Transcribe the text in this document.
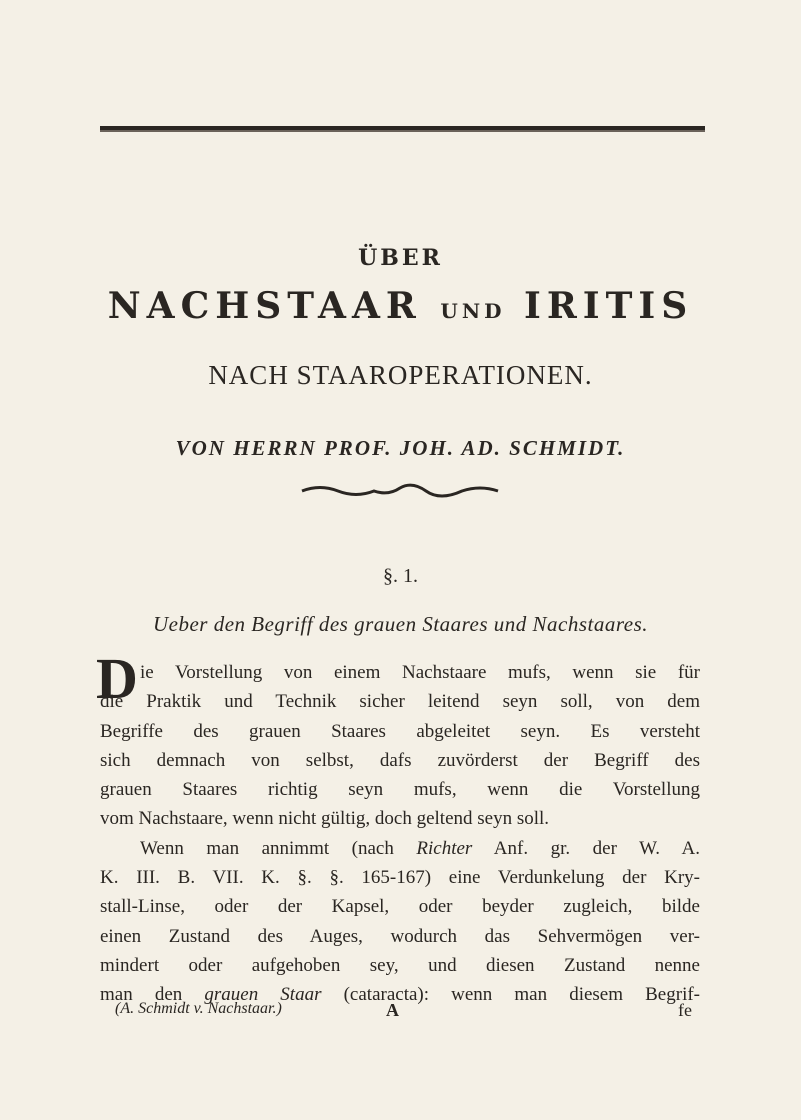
ÜBER
NACHSTAAR UND IRITIS
NACH STAAROPERATIONEN.
VON HERRN PROF. JOH. AD. SCHMIDT.
§. 1.
Ueber den Begriff des grauen Staares und Nachstaares.
D ie Vorstellung von einem Nachstaare mufs, wenn sie für
die Praktik und Technik sicher leitend seyn soll, von dem
Begriffe des grauen Staares abgeleitet seyn. Es versteht
sich demnach von selbst, dafs zuvörderst der Begriff des
grauen Staares richtig seyn mufs, wenn die Vorstellung
vom Nachstaare, wenn nicht gültig, doch geltend seyn soll.
Wenn man annimmt (nach Richter Anf. gr. der W. A.
K. III. B. VII. K. §. §. 165-167) eine Verdunkelung der Kry-
stall-Linse, oder der Kapsel, oder beyder zugleich, bilde
einen Zustand des Auges, wodurch das Sehvermögen ver-
mindert oder aufgehoben sey, und diesen Zustand nenne
man den grauen Staar (cataracta): wenn man diesem Begrif-
(A. Schmidt v. Nachstaar.)	A	fe
